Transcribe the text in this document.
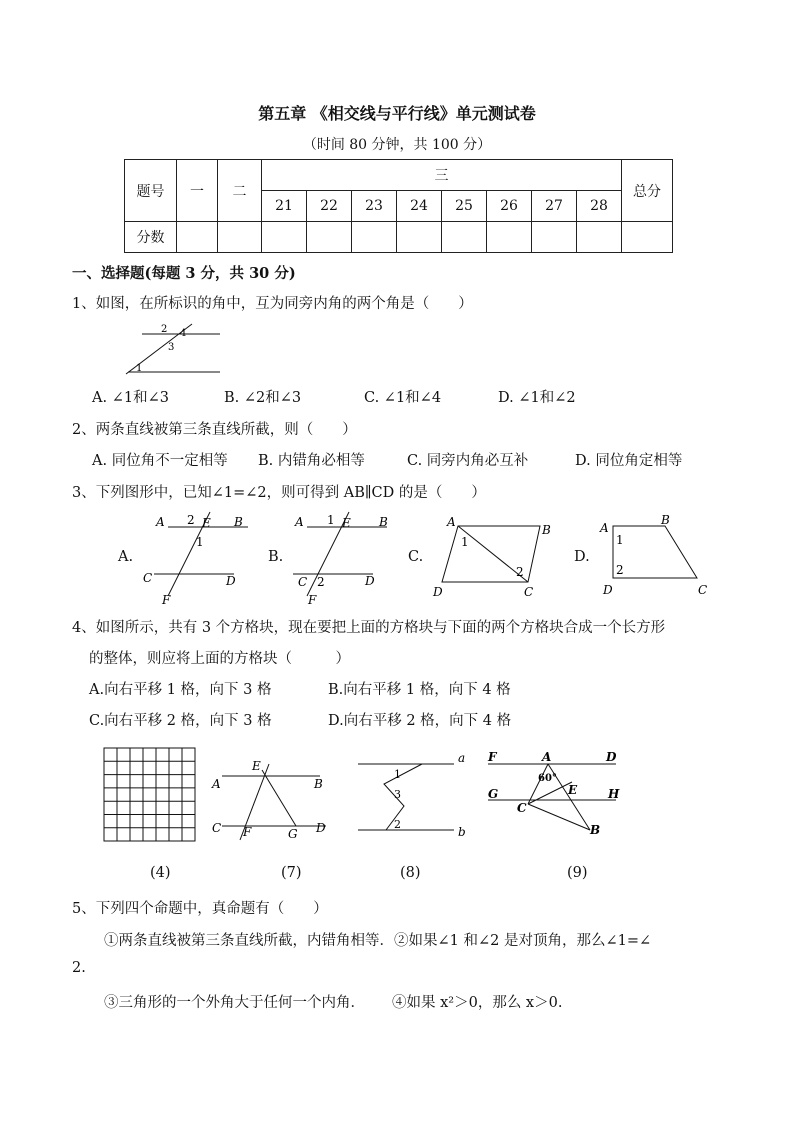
第五章 《相交线与平行线》单元测试卷
（时间 80 分钟，共 100 分）
题号	一	二	三								总分
			21	22	23	24	25	26	27	28	
分数											
一、选择题(每题 3 分，共 30 分)
1、如图，在所标识的角中，互为同旁内角的两个角是（　　）
2 4
3
1
A. ∠1和∠3	B. ∠2和∠3	C. ∠1和∠4	D. ∠1和∠2
2、两条直线被第三条直线所截，则（　　）
A. 同位角不一定相等 B. 内错角必相等	C. 同旁内角必互补	D. 同位角定相等
3、下列图形中，已知∠1=∠2，则可得到 AB∥CD 的是（　　）
A.	B.	C.	D.
A 2 E B
1
C	D
F
A 1 E B
C 2	D
F
A
B
1
2
D	C
A
B
1
2
D	C
4、如图所示，共有 3 个方格块，现在要把上面的方格块与下面的两个方格块合成一个长方形
的整体，则应将上面的方格块（　　　）
A.向右平移 1 格，向下 3 格	B.向右平移 1 格，向下 4 格
C.向右平移 2 格，向下 3 格	D.向右平移 2 格，向下 4 格
(4)
E
A	B
C F	G D
(7)
a
1
3
2
b
(8)
F	A	D
60°
G	E	H
C
B
(9)
5、下列四个命题中，真命题有（　　）
①两条直线被第三条直线所截，内错角相等．②如果∠1 和∠2 是对顶角，那么∠1=∠
2.
③三角形的一个外角大于任何一个内角． ④如果 x²＞0，那么 x＞0.
